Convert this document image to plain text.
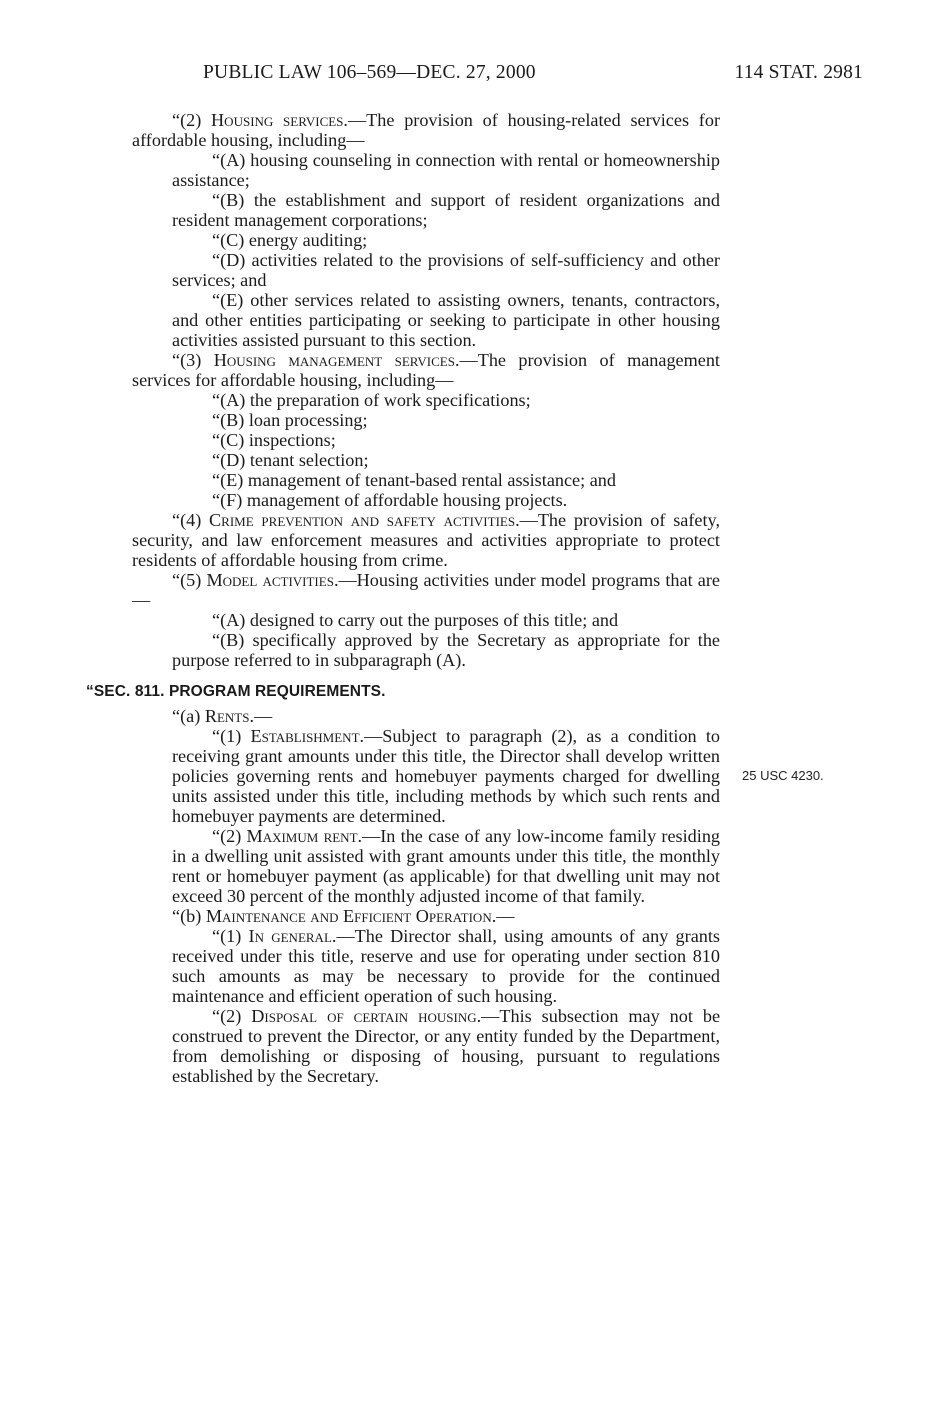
PUBLIC LAW 106–569—DEC. 27, 2000	114 STAT. 2981
25 USC 4230.

“(2) Housing services.—The provision of housing-related services for affordable housing, including—

“(A) housing counseling in connection with rental or homeownership assistance;

“(B) the establishment and support of resident organizations and resident management corporations;

“(C) energy auditing;

“(D) activities related to the provisions of self-sufficiency and other services; and

“(E) other services related to assisting owners, tenants, contractors, and other entities participating or seeking to participate in other housing activities assisted pursuant to this section.

“(3) Housing management services.—The provision of management services for affordable housing, including—

“(A) the preparation of work specifications;

“(B) loan processing;

“(C) inspections;

“(D) tenant selection;

“(E) management of tenant-based rental assistance; and

“(F) management of affordable housing projects.

“(4) Crime prevention and safety activities.—The provision of safety, security, and law enforcement measures and activities appropriate to protect residents of affordable housing from crime.

“(5) Model activities.—Housing activities under model programs that are—

“(A) designed to carry out the purposes of this title; and

“(B) specifically approved by the Secretary as appropriate for the purpose referred to in subparagraph (A).

“SEC. 811. PROGRAM REQUIREMENTS.

“(a) Rents.—

“(1) Establishment.—Subject to paragraph (2), as a condition to receiving grant amounts under this title, the Director shall develop written policies governing rents and homebuyer payments charged for dwelling units assisted under this title, including methods by which such rents and homebuyer payments are determined.

“(2) Maximum rent.—In the case of any low-income family residing in a dwelling unit assisted with grant amounts under this title, the monthly rent or homebuyer payment (as applicable) for that dwelling unit may not exceed 30 percent of the monthly adjusted income of that family.

“(b) Maintenance and Efficient Operation.—

“(1) In general.—The Director shall, using amounts of any grants received under this title, reserve and use for operating under section 810 such amounts as may be necessary to provide for the continued maintenance and efficient operation of such housing.

“(2) Disposal of certain housing.—This subsection may not be construed to prevent the Director, or any entity funded by the Department, from demolishing or disposing of housing, pursuant to regulations established by the Secretary.
